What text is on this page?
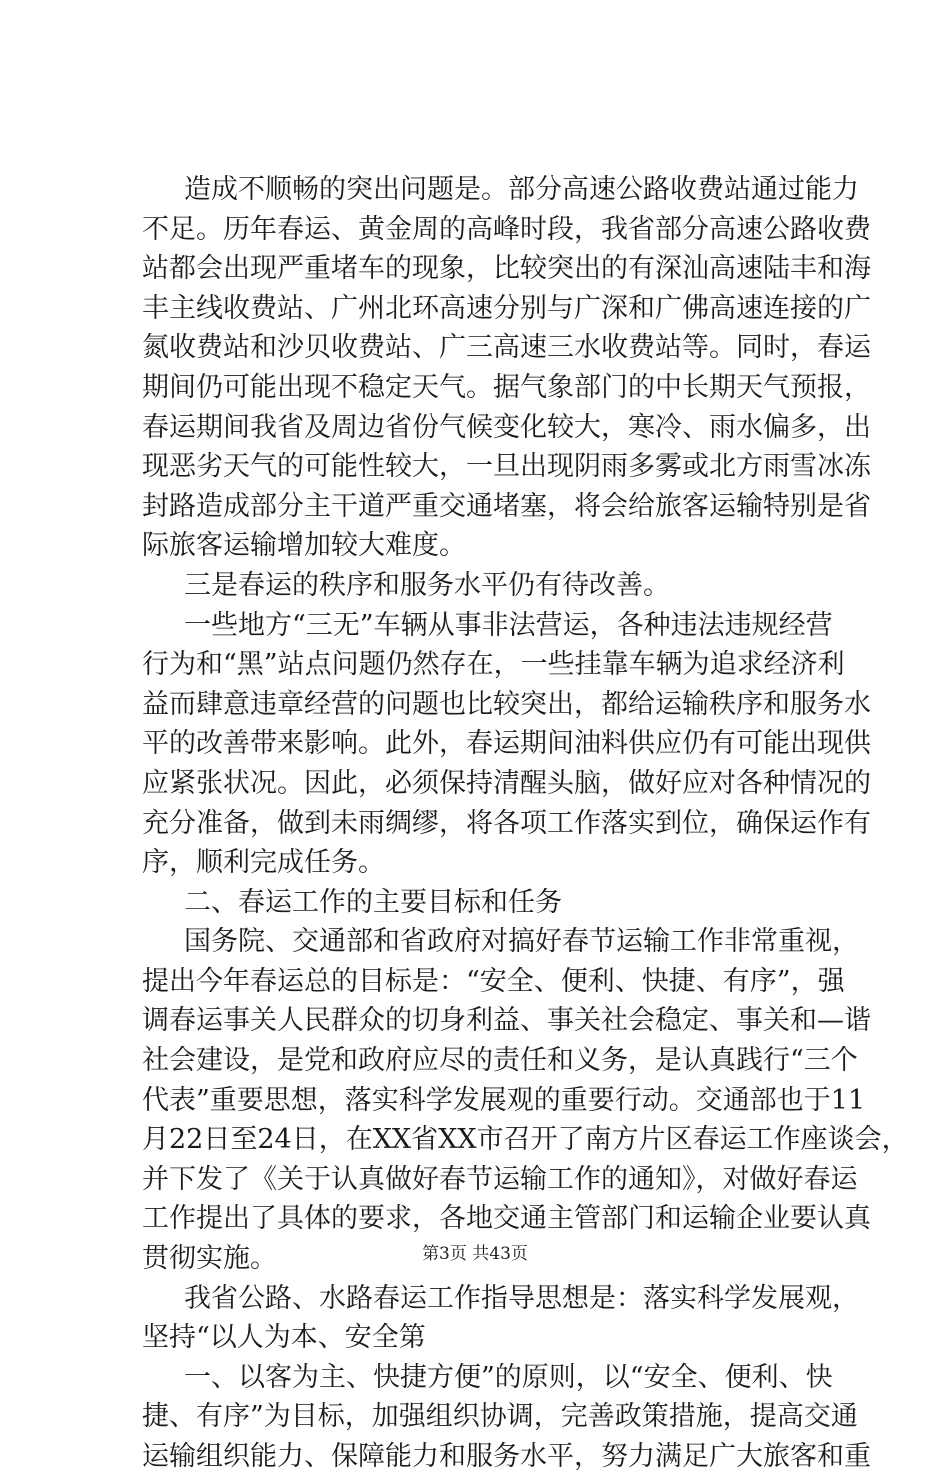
造成不顺畅的突出问题是。部分高速公路收费站通过能力
不足。历年春运、黄金周的高峰时段，我省部分高速公路收费
站都会出现严重堵车的现象，比较突出的有深汕高速陆丰和海
丰主线收费站、广州北环高速分别与广深和广佛高速连接的广
氮收费站和沙贝收费站、广三高速三水收费站等。同时，春运
期间仍可能出现不稳定天气。据气象部门的中长期天气预报，
春运期间我省及周边省份气候变化较大，寒冷、雨水偏多，出
现恶劣天气的可能性较大，一旦出现阴雨多雾或北方雨雪冰冻
封路造成部分主干道严重交通堵塞，将会给旅客运输特别是省
际旅客运输增加较大难度。
三是春运的秩序和服务水平仍有待改善。
一些地方“三无”车辆从事非法营运，各种违法违规经营
行为和“黑”站点问题仍然存在，一些挂靠车辆为追求经济利
益而肆意违章经营的问题也比较突出，都给运输秩序和服务水
平的改善带来影响。此外，春运期间油料供应仍有可能出现供
应紧张状况。因此，必须保持清醒头脑，做好应对各种情况的
充分准备，做到未雨绸缪，将各项工作落实到位，确保运作有
序，顺利完成任务。
二、春运工作的主要目标和任务
国务院、交通部和省政府对搞好春节运输工作非常重视，
提出今年春运总的目标是：“安全、便利、快捷、有序”，强
调春运事关人民群众的切身利益、事关社会稳定、事关和—谐
社会建设，是党和政府应尽的责任和义务，是认真践行“三个
代表”重要思想，落实科学发展观的重要行动。交通部也于11
月22日至24日，在XX省XX市召开了南方片区春运工作座谈会，
并下发了《关于认真做好春节运输工作的通知》，对做好春运
工作提出了具体的要求，各地交通主管部门和运输企业要认真
贯彻实施。
我省公路、水路春运工作指导思想是：落实科学发展观，
坚持“以人为本、安全第
一、以客为主、快捷方便”的原则，以“安全、便利、快
捷、有序”为目标，加强组织协调，完善政策措施，提高交通
运输组织能力、保障能力和服务水平，努力满足广大旅客和重
第3页 共43页
